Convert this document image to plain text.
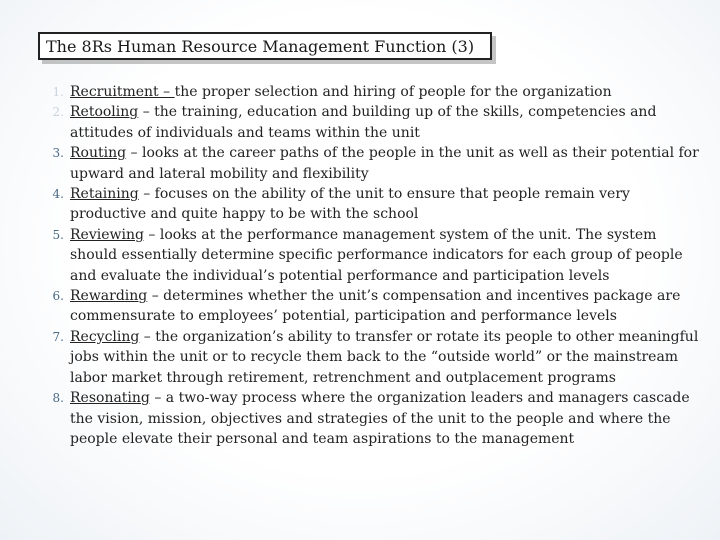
The 8Rs Human Resource Management Function (3)
1. Recruitment – the proper selection and hiring of people for the organization
2. Retooling – the training, education and building up of the skills, competencies and attitudes of individuals and teams within the unit
3. Routing – looks at the career paths of the people in the unit as well as their potential for upward and lateral mobility and flexibility
4. Retaining – focuses on the ability of the unit to ensure that people remain very productive and quite happy to be with the school
5. Reviewing – looks at the performance management system of the unit. The system should essentially determine specific performance indicators for each group of people and evaluate the individual’s potential performance and participation levels
6. Rewarding – determines whether the unit’s compensation and incentives package are commensurate to employees’ potential, participation and performance levels
7. Recycling – the organization’s ability to transfer or rotate its people to other meaningful jobs within the unit or to recycle them back to the “outside world” or the mainstream labor market through retirement, retrenchment and outplacement programs
8. Resonating – a two-way process where the organization leaders and managers cascade the vision, mission, objectives and strategies of the unit to the people and where the people elevate their personal and team aspirations to the management
